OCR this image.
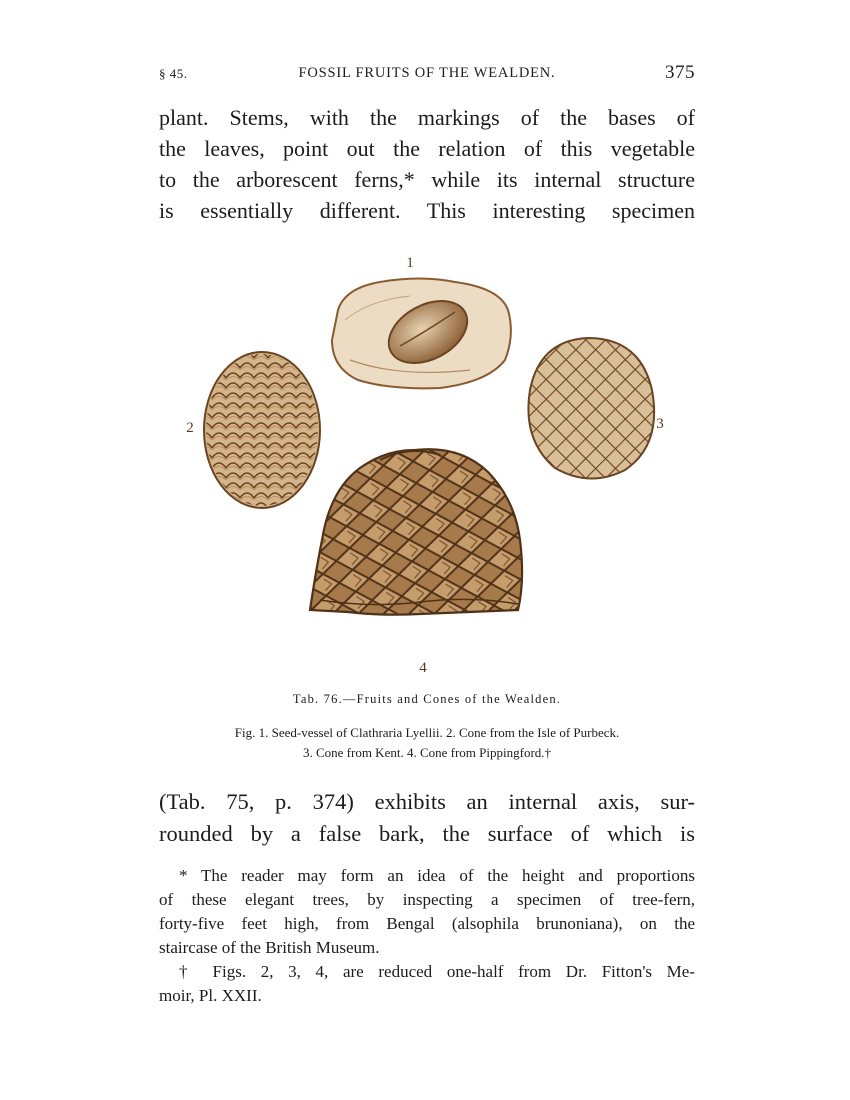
§ 45.	FOSSIL FRUITS OF THE WEALDEN.	375
plant. Stems, with the markings of the bases of
the leaves, point out the relation of this vegetable
to the arborescent ferns,* while its internal structure
is essentially different. This interesting specimen
1
2	3
4
Tab. 76.—Fruits and Cones of the Wealden.
Fig. 1. Seed-vessel of Clathraria Lyellii. 2. Cone from the Isle of Purbeck.
3. Cone from Kent. 4. Cone from Pippingford.†
(Tab. 75, p. 374) exhibits an internal axis, sur-
rounded by a false bark, the surface of which is
* The reader may form an idea of the height and proportions
of these elegant trees, by inspecting a specimen of tree-fern,
forty-five feet high, from Bengal (alsophila brunoniana), on the
staircase of the British Museum.
† Figs. 2, 3, 4, are reduced one-half from Dr. Fitton's Me-
moir, Pl. XXII.
